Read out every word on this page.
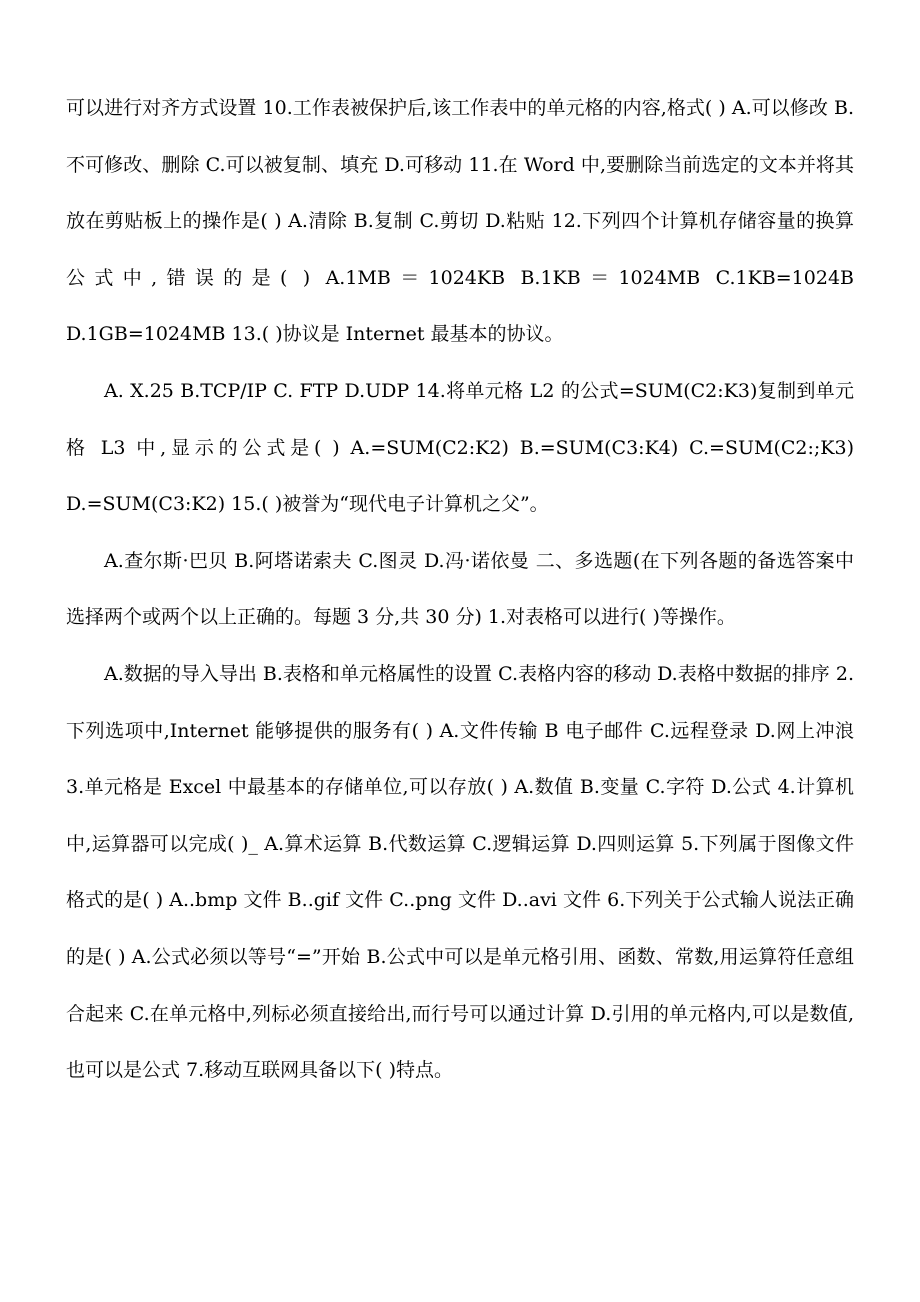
可以进行对齐方式设置 10.工作表被保护后,该工作表中的单元格的内容,格式( ) A.可以修改 B.不可修改、删除 C.可以被复制、填充 D.可移动 11.在 Word 中,要删除当前选定的文本并将其放在剪贴板上的操作是( ) A.清除 B.复制 C.剪切 D.粘贴 12.下列四个计算机存储容量的换算公式中,错误的是( ) A.1MB＝1024KB B.1KB＝1024MB C.1KB=1024B D.1GB=1024MB 13.( )协议是 Internet 最基本的协议。

A. X.25 B.TCP/IP C. FTP D.UDP 14.将单元格 L2 的公式=SUM(C2:K3)复制到单元格 L3 中,显示的公式是( ) A.=SUM(C2:K2) B.=SUM(C3:K4) C.=SUM(C2:;K3) D.=SUM(C3:K2) 15.( )被誉为“现代电子计算机之父”。

A.查尔斯·巴贝 B.阿塔诺索夫 C.图灵 D.冯·诺依曼 二、多选题(在下列各题的备选答案中选择两个或两个以上正确的。每题 3 分,共 30 分) 1.对表格可以进行( )等操作。

A.数据的导入导出 B.表格和单元格属性的设置 C.表格内容的移动 D.表格中数据的排序 2.下列选项中,Internet 能够提供的服务有( ) A.文件传输 B 电子邮件 C.远程登录 D.网上冲浪 3.单元格是 Excel 中最基本的存储单位,可以存放( ) A.数值 B.变量 C.字符 D.公式 4.计算机中,运算器可以完成( )_ A.算术运算 B.代数运算 C.逻辑运算 D.四则运算 5.下列属于图像文件格式的是( ) A..bmp 文件 B..gif 文件 C..png 文件 D..avi 文件 6.下列关于公式输人说法正确的是( ) A.公式必须以等号“=”开始 B.公式中可以是单元格引用、函数、常数,用运算符任意组合起来 C.在单元格中,列标必须直接给出,而行号可以通过计算 D.引用的单元格内,可以是数值,也可以是公式 7.移动互联网具备以下( )特点。
